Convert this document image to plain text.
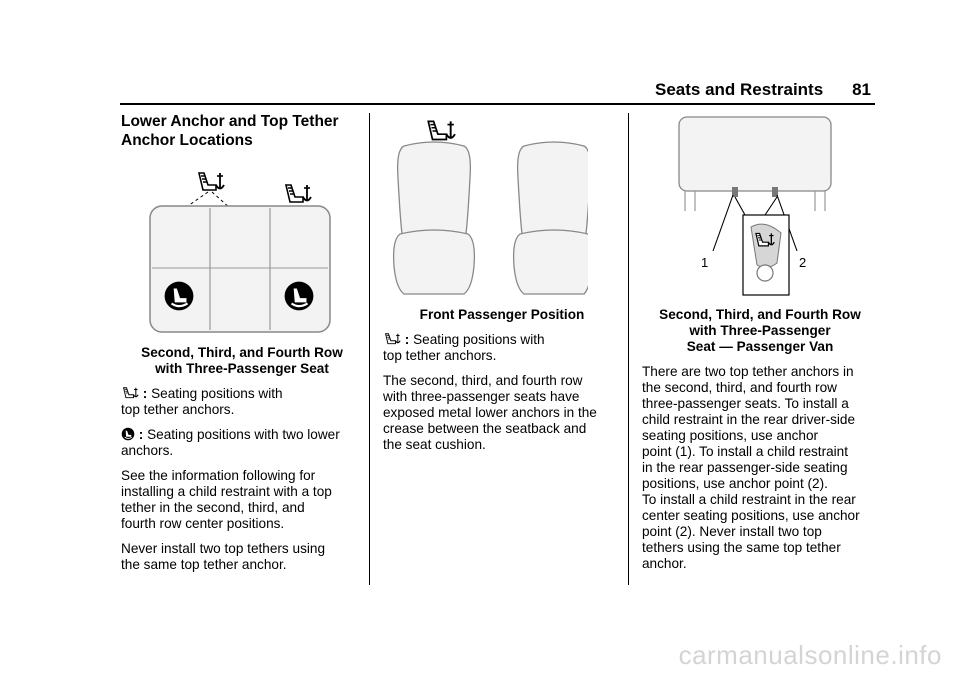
Seats and Restraints 81
Lower Anchor and Top Tether
Anchor Locations
Second, Third, and Fourth Row
with Three-Passenger Seat
: Seating positions with
top tether anchors.
: Seating positions with two lower
anchors.
See the information following for
installing a child restraint with a top
tether in the second, third, and
fourth row center positions.
Never install two top tethers using
the same top tether anchor.
Front Passenger Position
: Seating positions with
top tether anchors.
The second, third, and fourth row
with three-passenger seats have
exposed metal lower anchors in the
crease between the seatback and
the seat cushion.
1	2
Second, Third, and Fourth Row
with Three-Passenger
Seat — Passenger Van
There are two top tether anchors in
the second, third, and fourth row
three-passenger seats. To install a
child restraint in the rear driver-side
seating positions, use anchor
point (1). To install a child restraint
in the rear passenger-side seating
positions, use anchor point (2).
To install a child restraint in the rear
center seating positions, use anchor
point (2). Never install two top
tethers using the same top tether
anchor.
carmanualsonline.info
